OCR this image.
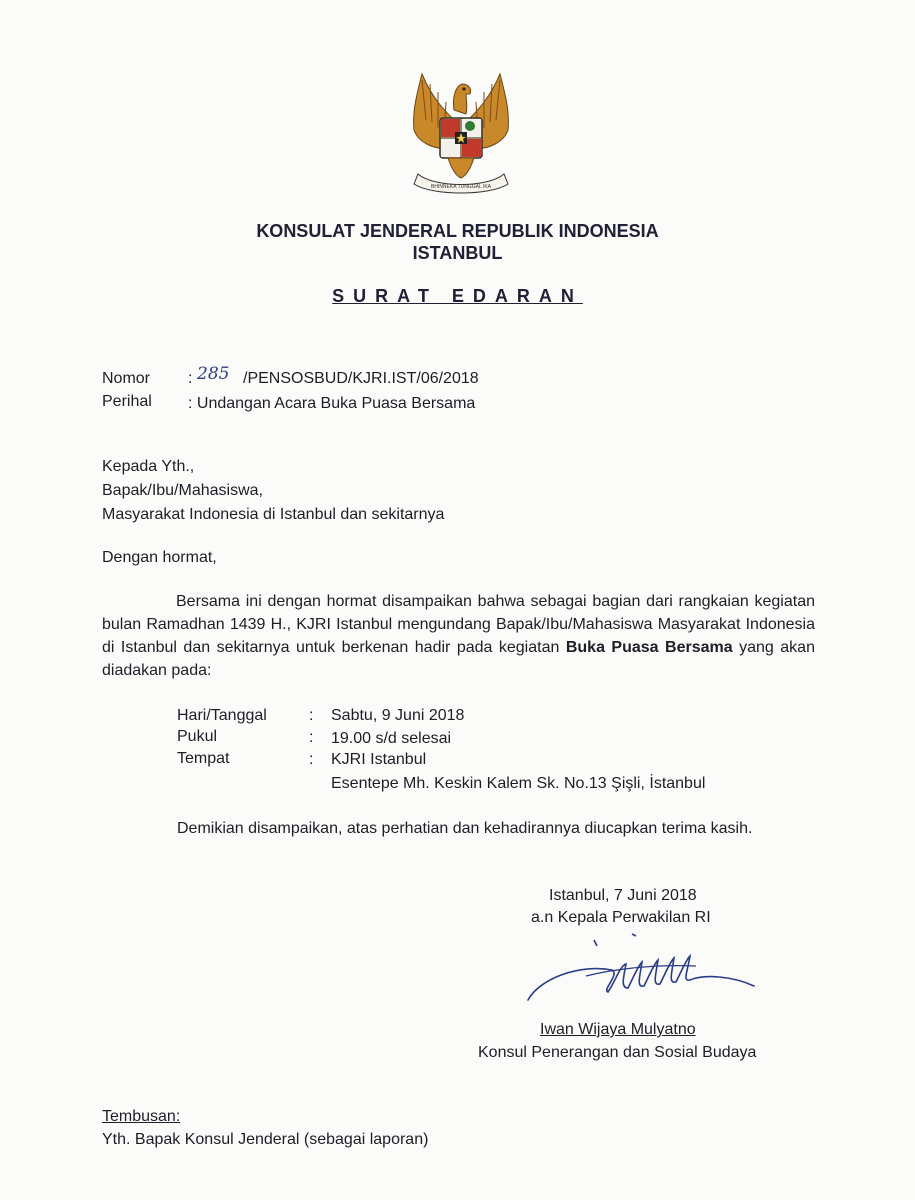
BHINNEKA TUNGGAL IKA
KONSULAT JENDERAL REPUBLIK INDONESIA
ISTANBUL
SURAT EDARAN
Nomor : 285 /PENSOSBUD/KJRI.IST/06/2018
Perihal : Undangan Acara Buka Puasa Bersama
Kepada Yth.,
Bapak/Ibu/Mahasiswa,
Masyarakat Indonesia di Istanbul dan sekitarnya
Dengan hormat,
Bersama ini dengan hormat disampaikan bahwa sebagai bagian dari rangkaian kegiatan bulan Ramadhan 1439 H., KJRI Istanbul mengundang Bapak/Ibu/Mahasiswa Masyarakat Indonesia di Istanbul dan sekitarnya untuk berkenan hadir pada kegiatan Buka Puasa Bersama yang akan diadakan pada:
Hari/Tanggal	: Sabtu, 9 Juni 2018
Pukul	: 19.00 s/d selesai
Tempat	: KJRI Istanbul
Esentepe Mh. Keskin Kalem Sk. No.13 Şişli, İstanbul
Demikian disampaikan, atas perhatian dan kehadirannya diucapkan terima kasih.
Istanbul, 7 Juni 2018
a.n Kepala Perwakilan RI
Iwan Wijaya Mulyatno
Konsul Penerangan dan Sosial Budaya
Tembusan:
Yth. Bapak Konsul Jenderal (sebagai laporan)
